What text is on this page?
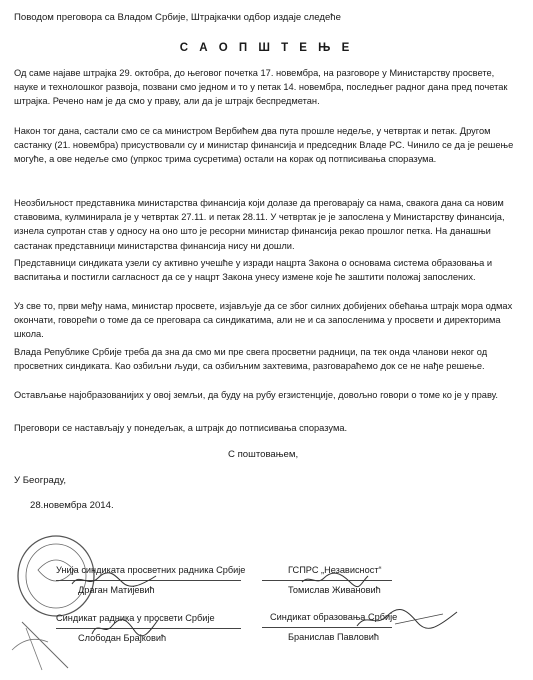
Поводом преговора са Владом Србије, Штрајкачки одбор издаје следеће
С А О П Ш Т Е Њ Е

Од саме најаве штрајка 29. октобра, до његовог почетка 17. новембра, на разговоре у Министарству просвете, науке и технолошког развоја, позвани смо једном и то у петак 14. новембра, последњег радног дана пред почетак штрајка. Речено нам је да смо у праву, али да је штрајк беспредметан.

Након тог дана, састали смо се са министром Вербићем два пута прошле недеље, у четвртак и петак. Другом састанку (21. новембра) присуствовали су и министар финансија и председник Владе РС. Чинило се да је решење могуће, а ове недеље смо (упркос трима сусретима) остали на корак од потписивања споразума.

Неозбиљност представника министарства финансија који долазе да преговарају са нама, свакога дана са новим ставовима, кулминирала је у четвртак 27.11. и петак 28.11. У четвртак је је запослена у Министарству финансија, изнела супротан став у односу на оно што је ресорни министар финансија рекао прошлог петка. На данашњи састанак представници министарства финансија нису ни дошли.

Представници синдиката узели су активно учешће у изради нацрта Закона о основама система образовања и васпитања и постигли сагласност да се у нацрт Закона унесу измене које ће заштити положај запослених.

Уз све то, први међу нама, министар просвете, изјављује да се због силних добијених обећања штрајк мора одмах окончати, говорећи о томе да се преговара са синдикатима, али не и са запосленима у просвети и директорима школа.

Влада Републике Србије треба да зна да смо ми пре свега просветни радници, па тек онда чланови неког од просветних синдиката. Као озбиљни људи, са озбиљним захтевима, разговараћемо док се не нађе решење.

Остављање најобразованијих у овој земљи, да буду на рубу егзистенције, довољно говори о томе ко је у праву.

Преговори се настављају у понедељак, а штрајк до потписивања споразума.

С поштовањем,
У Београду,
28.новембра 2014.
Унија синдиката просветних радника Србије
Драган Матијевић
Синдикат радника у просвети Србије
Слободан Брајковић
ГСПРС „Независност“
Томислав Живановић
Синдикат образовања Србије
Бранислав Павловић
